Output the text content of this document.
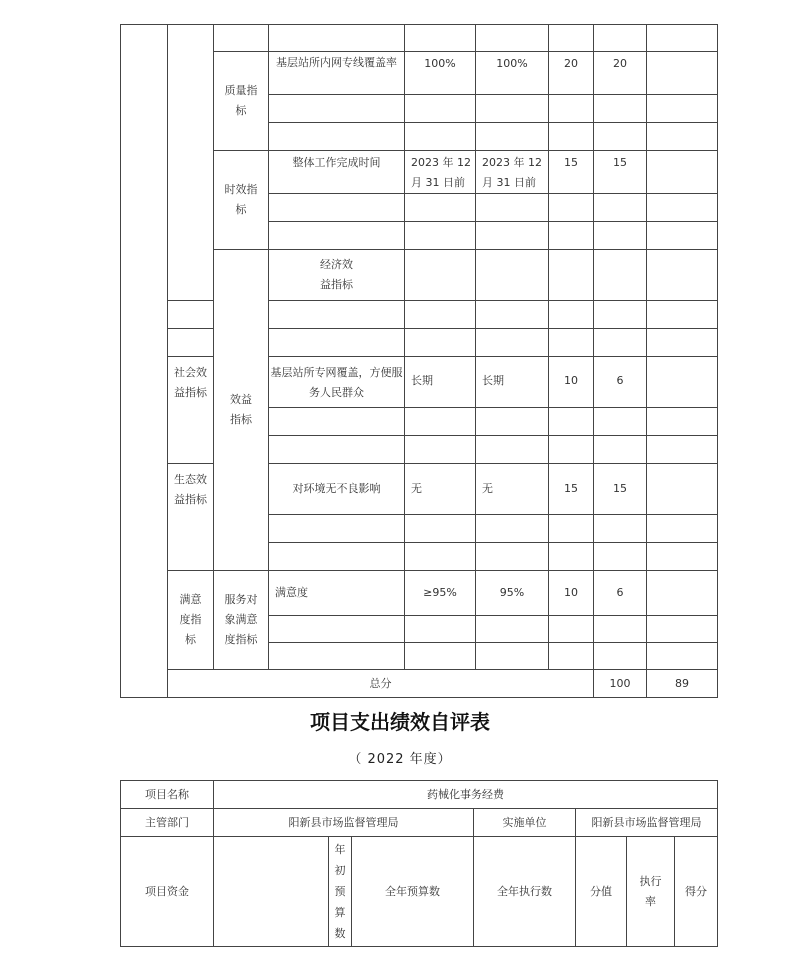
		质量指标	基层站所内网专线覆盖率	100%	100%	20	20		

		时效指标	整体工作完成时间	2023 年 12 月 31 日前	2023 年 12 月 31 日前	15	15		

		效益指标	经济效益指标						

	社会效益指标		基层站所专网覆盖，方便服务人民群众	长期	长期	10	6		

	生态效益指标		对环境无不良影响	无	无	15	15		

	满意度指标	服务对象满意度指标	满意度	≥95%	95%	10	6		

	总分						100	89	
项目支出绩效自评表
（ 2022 年度）
项目名称	药械化事务经费						
主管部门	阳新县市场监督管理局			实施单位	阳新县市场监督管理局		
项目资金		年初预算数	全年预算数	全年执行数	分值	执行率	得分
